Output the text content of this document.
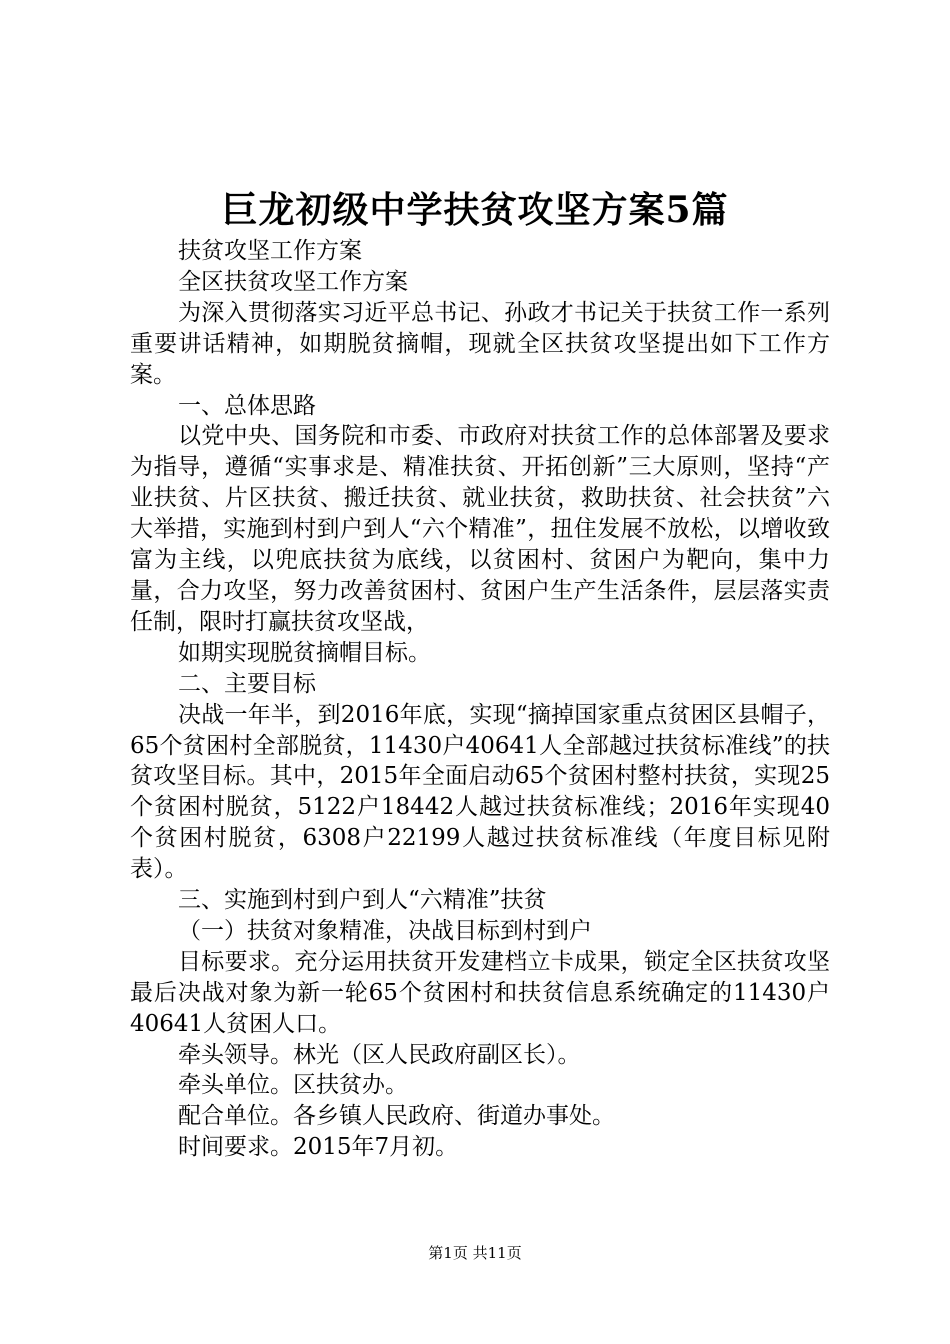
巨龙初级中学扶贫攻坚方案5篇

扶贫攻坚工作方案

全区扶贫攻坚工作方案

为深入贯彻落实习近平总书记、孙政才书记关于扶贫工作一系列重要讲话精神，如期脱贫摘帽，现就全区扶贫攻坚提出如下工作方案。

一、总体思路

以党中央、国务院和市委、市政府对扶贫工作的总体部署及要求为指导，遵循“实事求是、精准扶贫、开拓创新”三大原则，坚持“产业扶贫、片区扶贫、搬迁扶贫、就业扶贫，救助扶贫、社会扶贫”六大举措，实施到村到户到人“六个精准”，扭住发展不放松，以增收致富为主线，以兜底扶贫为底线，以贫困村、贫困户为靶向，集中力量，合力攻坚，努力改善贫困村、贫困户生产生活条件，层层落实责任制，限时打赢扶贫攻坚战，

如期实现脱贫摘帽目标。

二、主要目标

决战一年半，到2016年底，实现“摘掉国家重点贫困区县帽子，65个贫困村全部脱贫，11430户40641人全部越过扶贫标准线”的扶贫攻坚目标。其中，2015年全面启动65个贫困村整村扶贫，实现25个贫困村脱贫，5122户18442人越过扶贫标准线；2016年实现40个贫困村脱贫，6308户22199人越过扶贫标准线（年度目标见附表）。

三、实施到村到户到人“六精准”扶贫

（一）扶贫对象精准，决战目标到村到户

目标要求。充分运用扶贫开发建档立卡成果，锁定全区扶贫攻坚最后决战对象为新一轮65个贫困村和扶贫信息系统确定的11430户40641人贫困人口。

牵头领导。林光（区人民政府副区长）。

牵头单位。区扶贫办。

配合单位。各乡镇人民政府、街道办事处。

时间要求。2015年7月初。

第1页 共11页
